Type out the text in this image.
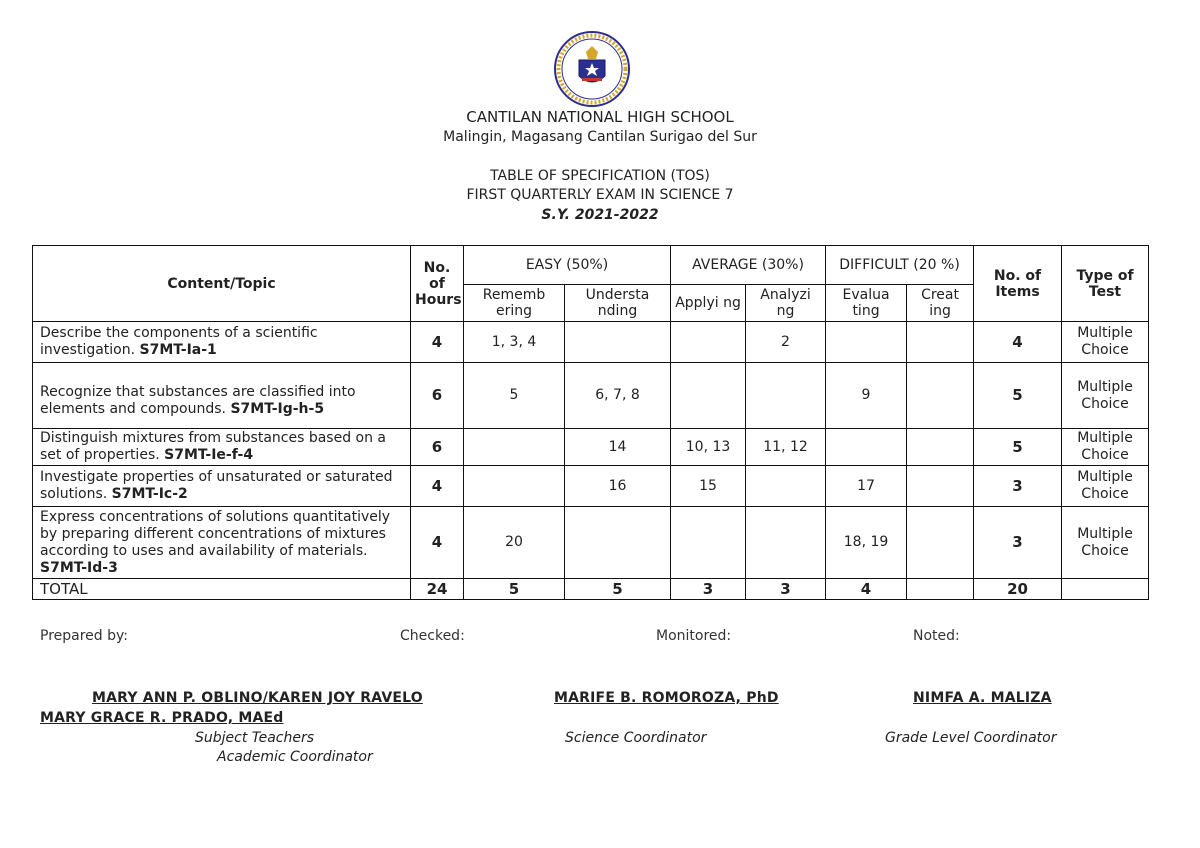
CANTILAN NATIONAL HIGH SCHOOL
Malingin, Magasang Cantilan Surigao del Sur
TABLE OF SPECIFICATION (TOS)
FIRST QUARTERLY EXAM IN SCIENCE 7
S.Y. 2021-2022
Content/Topic	No. of Hours	EASY (50%)		AVERAGE (30%)		DIFFICULT (20 %)		No. of Items	Type of Test
		Rememb ering	Understa nding	Applyi ng	Analyzi ng	Evalua ting	Creat ing		
Describe the components of a scientific investigation. S7MT-Ia-1	4	1, 3, 4			2			4	Multiple Choice
Recognize that substances are classified into elements and compounds. S7MT-Ig-h-5	6	5	6, 7, 8			9		5	Multiple Choice
Distinguish mixtures from substances based on a set of properties. S7MT-Ie-f-4	6		14	10, 13	11, 12			5	Multiple Choice
Investigate properties of unsaturated or saturated solutions. S7MT-Ic-2	4		16	15		17		3	Multiple Choice
Express concentrations of solutions quantitatively by preparing different concentrations of mixtures according to uses and availability of materials. S7MT-Id-3	4	20				18, 19		3	Multiple Choice
TOTAL	24	5	5	3	3	4		20	
Prepared by:	Checked:	Monitored:	Noted:
MARY ANN P. OBLINO/KAREN JOY RAVELO
MARY GRACE R. PRADO, MAEd
Subject Teachers
Academic Coordinator
MARIFE B. ROMOROZA, PhD
Science Coordinator
NIMFA A. MALIZA
Grade Level Coordinator
